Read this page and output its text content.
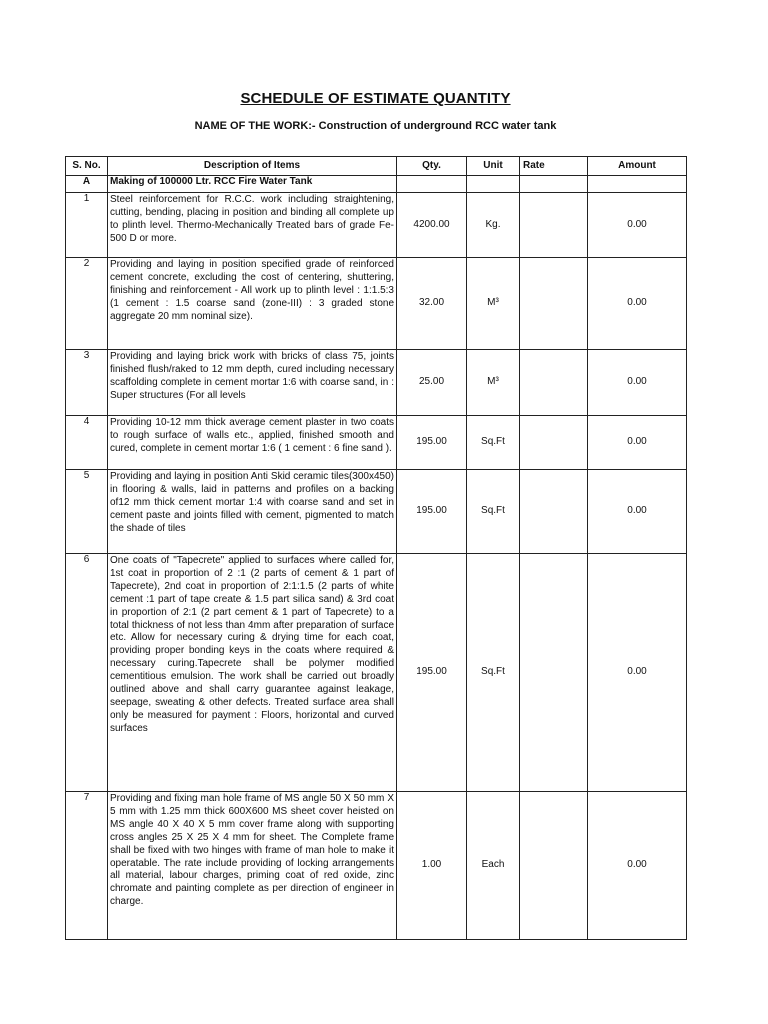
SCHEDULE OF ESTIMATE QUANTITY
NAME OF THE WORK:- Construction of underground RCC water tank
S. No.	Description of Items	Qty.	Unit	Rate	Amount
A	Making of 100000 Ltr. RCC Fire Water Tank				
1	Steel reinforcement for R.C.C. work including straightening, cutting, bending, placing in position and binding all complete up to plinth level. Thermo-Mechanically Treated bars of grade Fe-500 D or more.	4200.00	Kg.		0.00
2	Providing and laying in position specified grade of reinforced cement concrete, excluding the cost of centering, shuttering, finishing and reinforcement - All work up to plinth level : 1:1.5:3 (1 cement : 1.5 coarse sand (zone-III) : 3 graded stone aggregate 20 mm nominal size).	32.00	M³		0.00
3	Providing and laying brick work with bricks of class 75, joints finished flush/raked to 12 mm depth, cured including necessary scaffolding complete in cement mortar 1:6 with coarse sand, in : Super structures (For all levels	25.00	M³		0.00
4	Providing 10-12 mm thick average cement plaster in two coats to rough surface of walls etc., applied, finished smooth and cured, complete in cement mortar 1:6 ( 1 cement : 6 fine sand ).	195.00	Sq.Ft		0.00
5	Providing and laying in position Anti Skid ceramic tiles(300x450) in flooring & walls, laid in patterns and profiles on a backing of12 mm thick cement mortar 1:4 with coarse sand and set in cement paste and joints filled with cement, pigmented to match the shade of tiles	195.00	Sq.Ft		0.00
6	One coats of "Tapecrete" applied to surfaces where called for, 1st coat in proportion of 2 :1 (2 parts of cement & 1 part of Tapecrete), 2nd coat in proportion of 2:1:1.5 (2 parts of white cement :1 part of tape create & 1.5 part silica sand) & 3rd coat in proportion of 2:1 (2 part cement & 1 part of Tapecrete) to a total thickness of not less than 4mm after preparation of surface etc. Allow for necessary curing & drying time for each coat, providing proper bonding keys in the coats where required & necessary curing.Tapecrete shall be polymer modified cementitious emulsion. The work shall be carried out broadly outlined above and shall carry guarantee against leakage, seepage, sweating & other defects. Treated surface area shall only be measured for payment : Floors, horizontal and curved surfaces	195.00	Sq.Ft		0.00
7	Providing and fixing man hole frame of MS angle 50 X 50 mm X 5 mm with 1.25 mm thick 600X600 MS sheet cover heisted on MS angle 40 X 40 X 5 mm cover frame along with supporting cross angles 25 X 25 X 4 mm for sheet. The Complete frame shall be fixed with two hinges with frame of man hole to make it operatable. The rate include providing of locking arrangements all material, labour charges, priming coat of red oxide, zinc chromate and painting complete as per direction of engineer in charge.	1.00	Each		0.00
